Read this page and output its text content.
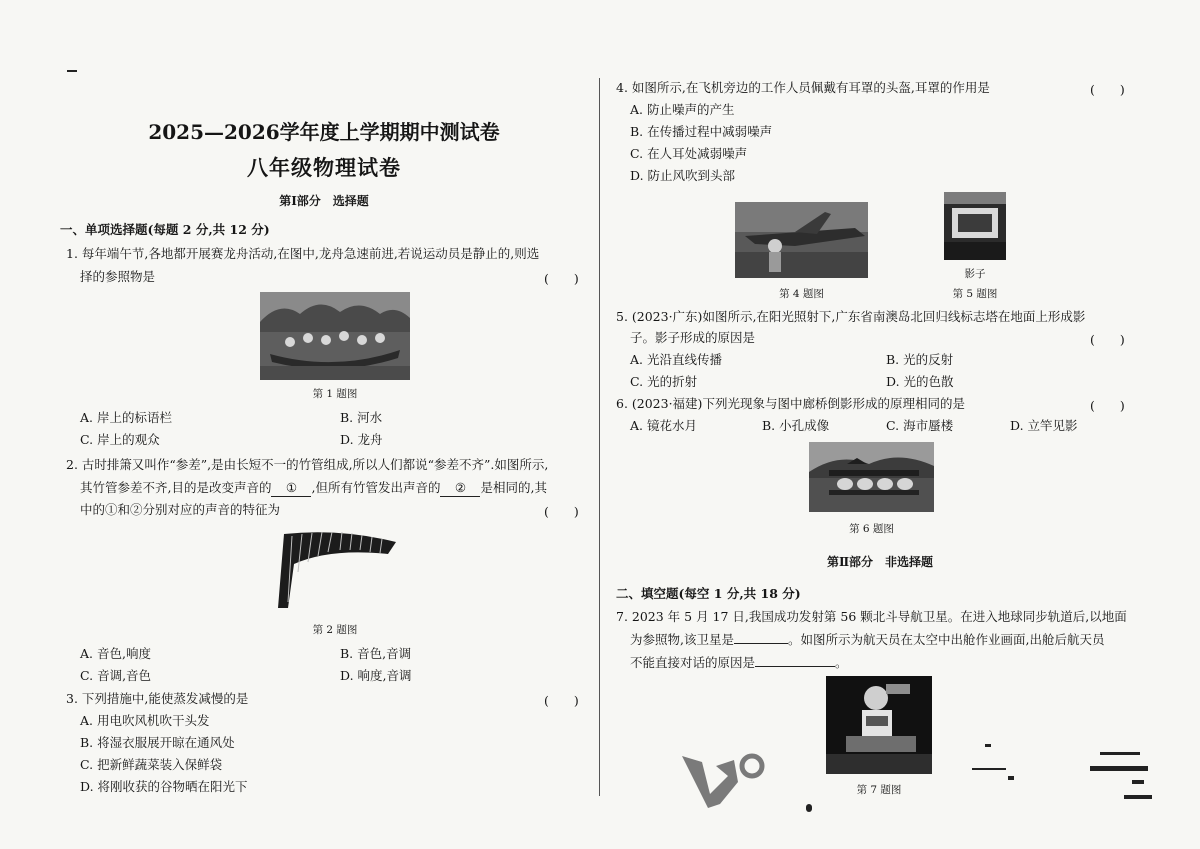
2025—2026学年度上学期期中测试卷
八年级物理试卷
第Ⅰ部分　选择题
一、单项选择题(每题 2 分,共 12 分)
1. 每年端午节,各地都开展赛龙舟活动,在图中,龙舟急速前进,若说运动员是静止的,则选
择的参照物是	(　　)
第 1 题图
A. 岸上的标语栏	B. 河水
C. 岸上的观众	D. 龙舟
2. 古时排箫又叫作“参差”,是由长短不一的竹管组成,所以人们都说“参差不齐”.如图所示,
其竹管参差不齐,目的是改变声音的 ① ,但所有竹管发出声音的 ② 是相同的,其
中的①和②分别对应的声音的特征为	(　　)
第 2 题图
A. 音色,响度	B. 音色,音调
C. 音调,音色	D. 响度,音调
3. 下列措施中,能使蒸发减慢的是	(　　)
A. 用电吹风机吹干头发
B. 将湿衣服展开晾在通风处
C. 把新鲜蔬菜装入保鲜袋
D. 将刚收获的谷物晒在阳光下
4. 如图所示,在飞机旁边的工作人员佩戴有耳罩的头盔,耳罩的作用是	(　　)
A. 防止噪声的产生
B. 在传播过程中减弱噪声
C. 在人耳处减弱噪声
D. 防止风吹到头部
第 4 题图
影子
第 5 题图
5. (2023·广东)如图所示,在阳光照射下,广东省南澳岛北回归线标志塔在地面上形成影
子。影子形成的原因是	(　　)
A. 光沿直线传播	B. 光的反射
C. 光的折射	D. 光的色散
6. (2023·福建)下列光现象与图中廊桥倒影形成的原理相同的是	(　　)
A. 镜花水月	B. 小孔成像	C. 海市蜃楼	D. 立竿见影
第 6 题图
第Ⅱ部分　非选择题
二、填空题(每空 1 分,共 18 分)
7. 2023 年 5 月 17 日,我国成功发射第 56 颗北斗导航卫星。在进入地球同步轨道后,以地面
为参照物,该卫星是	。如图所示为航天员在太空中出舱作业画面,出舱后航天员
不能直接对话的原因是	。
第 7 题图
